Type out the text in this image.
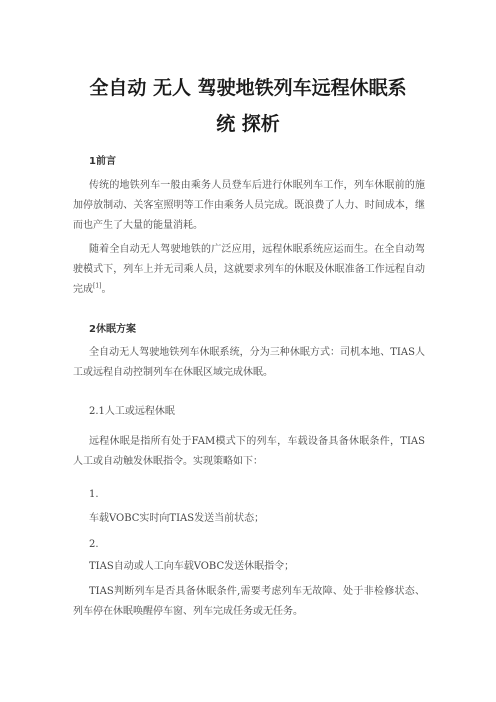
全自动 无人 驾驶地铁列车远程休眠系
统 探析
1前言

传统的地铁列车一般由乘务人员登车后进行休眠列车工作，列车休眠前的施加停放制动、关客室照明等工作由乘务人员完成。既浪费了人力、时间成本，继而也产生了大量的能量消耗。

随着全自动无人驾驶地铁的广泛应用，远程休眠系统应运而生。在全自动驾驶模式下，列车上并无司乘人员，这就要求列车的休眠及休眠准备工作远程自动完成[1]。

2休眠方案

全自动无人驾驶地铁列车休眠系统，分为三种休眠方式：司机本地、TIAS人工或远程自动控制列车在休眠区域完成休眠。

2.1人工或远程休眠

远程休眠是指所有处于FAM模式下的列车，车载设备具备休眠条件，TIAS人工或自动触发休眠指令。实现策略如下：

1.
车载VOBC实时向TIAS发送当前状态；
2.
TIAS自动或人工向车载VOBC发送休眠指令；

TIAS判断列车是否具备休眠条件,需要考虑列车无故障、处于非检修状态、列车停在休眠唤醒停车窗、列车完成任务或无任务。
